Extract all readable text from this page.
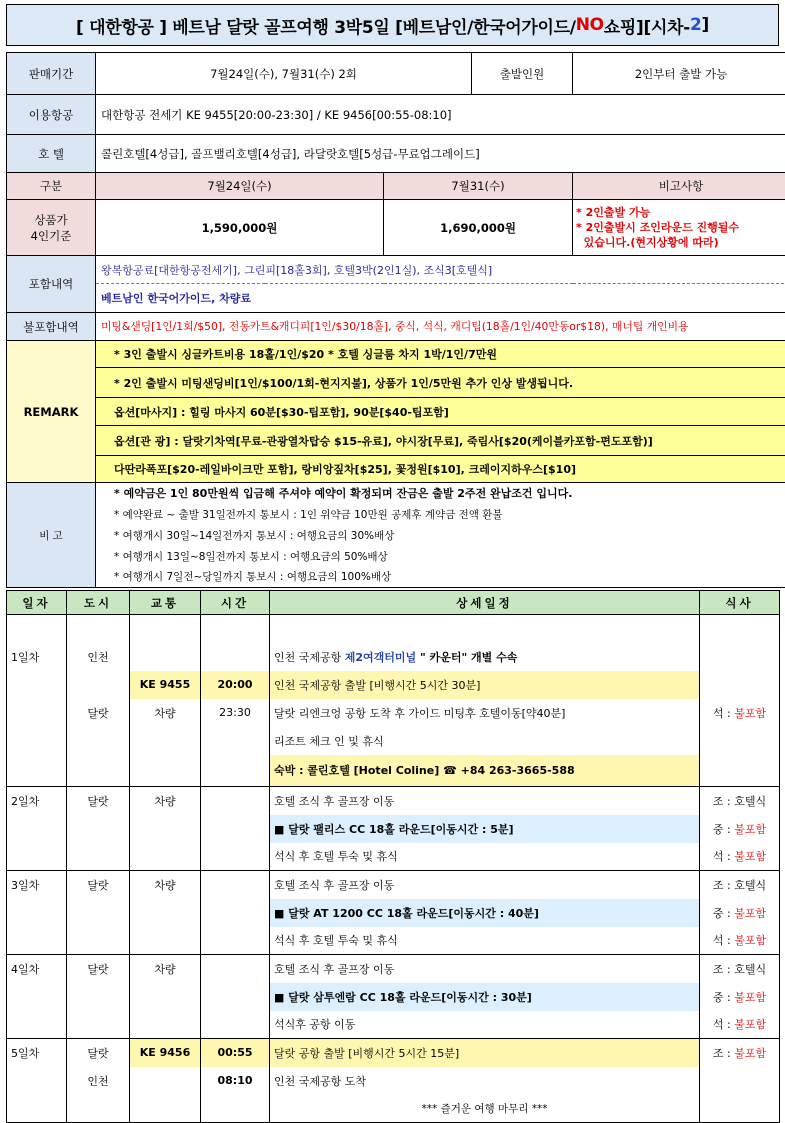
[ 대한항공 ] 베트남 달랏 골프여행 3박5일 [베트남인/한국어가이드/ NO 쇼핑][시차- 2 ]
판매기간	7월24일(수), 7월31(수) 2회		출발인원	2인부터 출발 가능
이용항공	대한항공 전세기 KE 9455[20:00-23:30] / KE 9456[00:55-08:10]			
호 텔	콜린호텔[4성급], 골프밸리호텔[4성급], 라달랏호텔[5성급-무료업그레이드]			
구분	7월24일(수)	7월31(수)		비고사항
상품가
4인기준	1,590,000원	1,690,000원		* 2인출발 가능
* 2인출발시 조인라운드 진행될수
있습니다.(현지상황에 따라)
포함내역	왕복항공료[대한항공전세기], 그린피[18홀3회], 호텔3박(2인1실), 조식3[호텔식]			
	베트남인 한국어가이드, 차량료			
불포함내역	미팅&샌딩[1인/1회/$50], 전동카트&캐디피[1인/$30/18홀], 중식, 석식, 캐디팁(18홀/1인/40만동or$18), 매너팁 개인비용			
REMARK	* 3인 출발시 싱글카트비용 18홀/1인/$20 * 호텔 싱글룸 차지 1박/1인/7만원			
	* 2인 출발시 미팅샌딩비[1인/$100/1회-현지지불], 상품가 1인/5만원 추가 인상 발생됩니다.			
	옵션[마사지] : 힐링 마사지 60분[$30-팁포함], 90분[$40-팁포함]			
	옵션[관 광] : 달랏기차역[무료-관광열차탑승 $15-유료], 야시장[무료], 죽림사[$20(케이블카포함-편도포함)]			
	다딴라폭포[$20-레일바이크만 포함], 랑비앙짚차[$25], 꽃정원[$10], 크레이지하우스[$10]			
비 고	* 예약금은 1인 80만원씩 입금해 주셔야 예약이 확정되며 잔금은 출발 2주전 완납조건 입니다.			
	* 예약완료 ~ 출발 31일전까지 통보시 : 1인 위약금 10만원 공제후 계약금 전액 환불			
	* 여행개시 30일~14일전까지 통보시 : 여행요금의 30%배상			
	* 여행개시 13일~8일전까지 통보시 : 여행요금의 50%배상			
	* 여행개시 7일전~당일까지 통보시 : 여행요금의 100%배상			
일자	도시	교통	시간	상세일정	식사

1일차	인천			인천 국제공항 제2여객터미널 " 카운터" 개별 수속	
		KE 9455	20:00	인천 국제공항 출발 [비행시간 5시간 30분]	
	달랏	차량	23:30	달랏 리엔크엉 공항 도착 후 가이드 미팅후 호텔이동[약40분]	석 : 불포함
				리조트 체크 인 및 휴식	
				숙박 : 콜린호텔 [Hotel Coline] ☎ +84 263-3665-588	
2일차	달랏	차량		호텔 조식 후 골프장 이동	조 : 호텔식
				■ 달랏 팰리스 CC 18홀 라운드[이동시간 : 5분]	중 : 불포함
				석식 후 호텔 투숙 및 휴식	석 : 불포함
3일차	달랏	차량		호텔 조식 후 골프장 이동	조 : 호텔식
				■ 달랏 AT 1200 CC 18홀 라운드[이동시간 : 40분]	중 : 불포함
				석식 후 호텔 투숙 및 휴식	석 : 불포함
4일차	달랏	차량		호텔 조식 후 골프장 이동	조 : 호텔식
				■ 달랏 삼투엔람 CC 18홀 라운드[이동시간 : 30분]	중 : 불포함
				석식후 공항 이동	석 : 불포함
5일차	달랏	KE 9456	00:55	달랏 공항 출발 [비행시간 5시간 15분]	조 : 불포함
	인천		08:10	인천 국제공항 도착	
				*** 즐거운 여행 마무리 ***	
